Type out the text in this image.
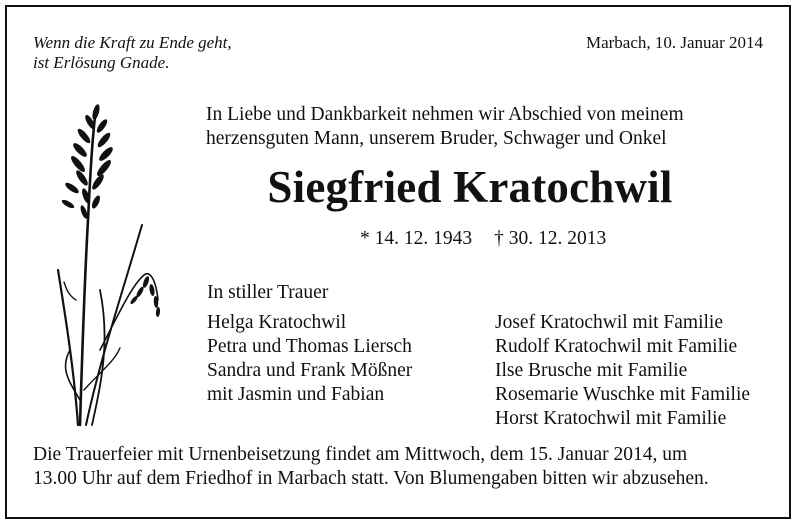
Wenn die Kraft zu Ende geht,
ist Erlösung Gnade.
Marbach, 10. Januar 2014
In Liebe und Dankbarkeit nehmen wir Abschied von meinem
herzensguten Mann, unserem Bruder, Schwager und Onkel
Siegfried Kratochwil
* 14. 12. 1943 † 30. 12. 2013
In stiller Trauer
Helga Kratochwil
Petra und Thomas Liersch
Sandra und Frank Mößner
mit Jasmin und Fabian
Josef Kratochwil mit Familie
Rudolf Kratochwil mit Familie
Ilse Brusche mit Familie
Rosemarie Wuschke mit Familie
Horst Kratochwil mit Familie
Die Trauerfeier mit Urnenbeisetzung findet am Mittwoch, dem 15. Januar 2014, um
13.00 Uhr auf dem Friedhof in Marbach statt. Von Blumengaben bitten wir abzusehen.
